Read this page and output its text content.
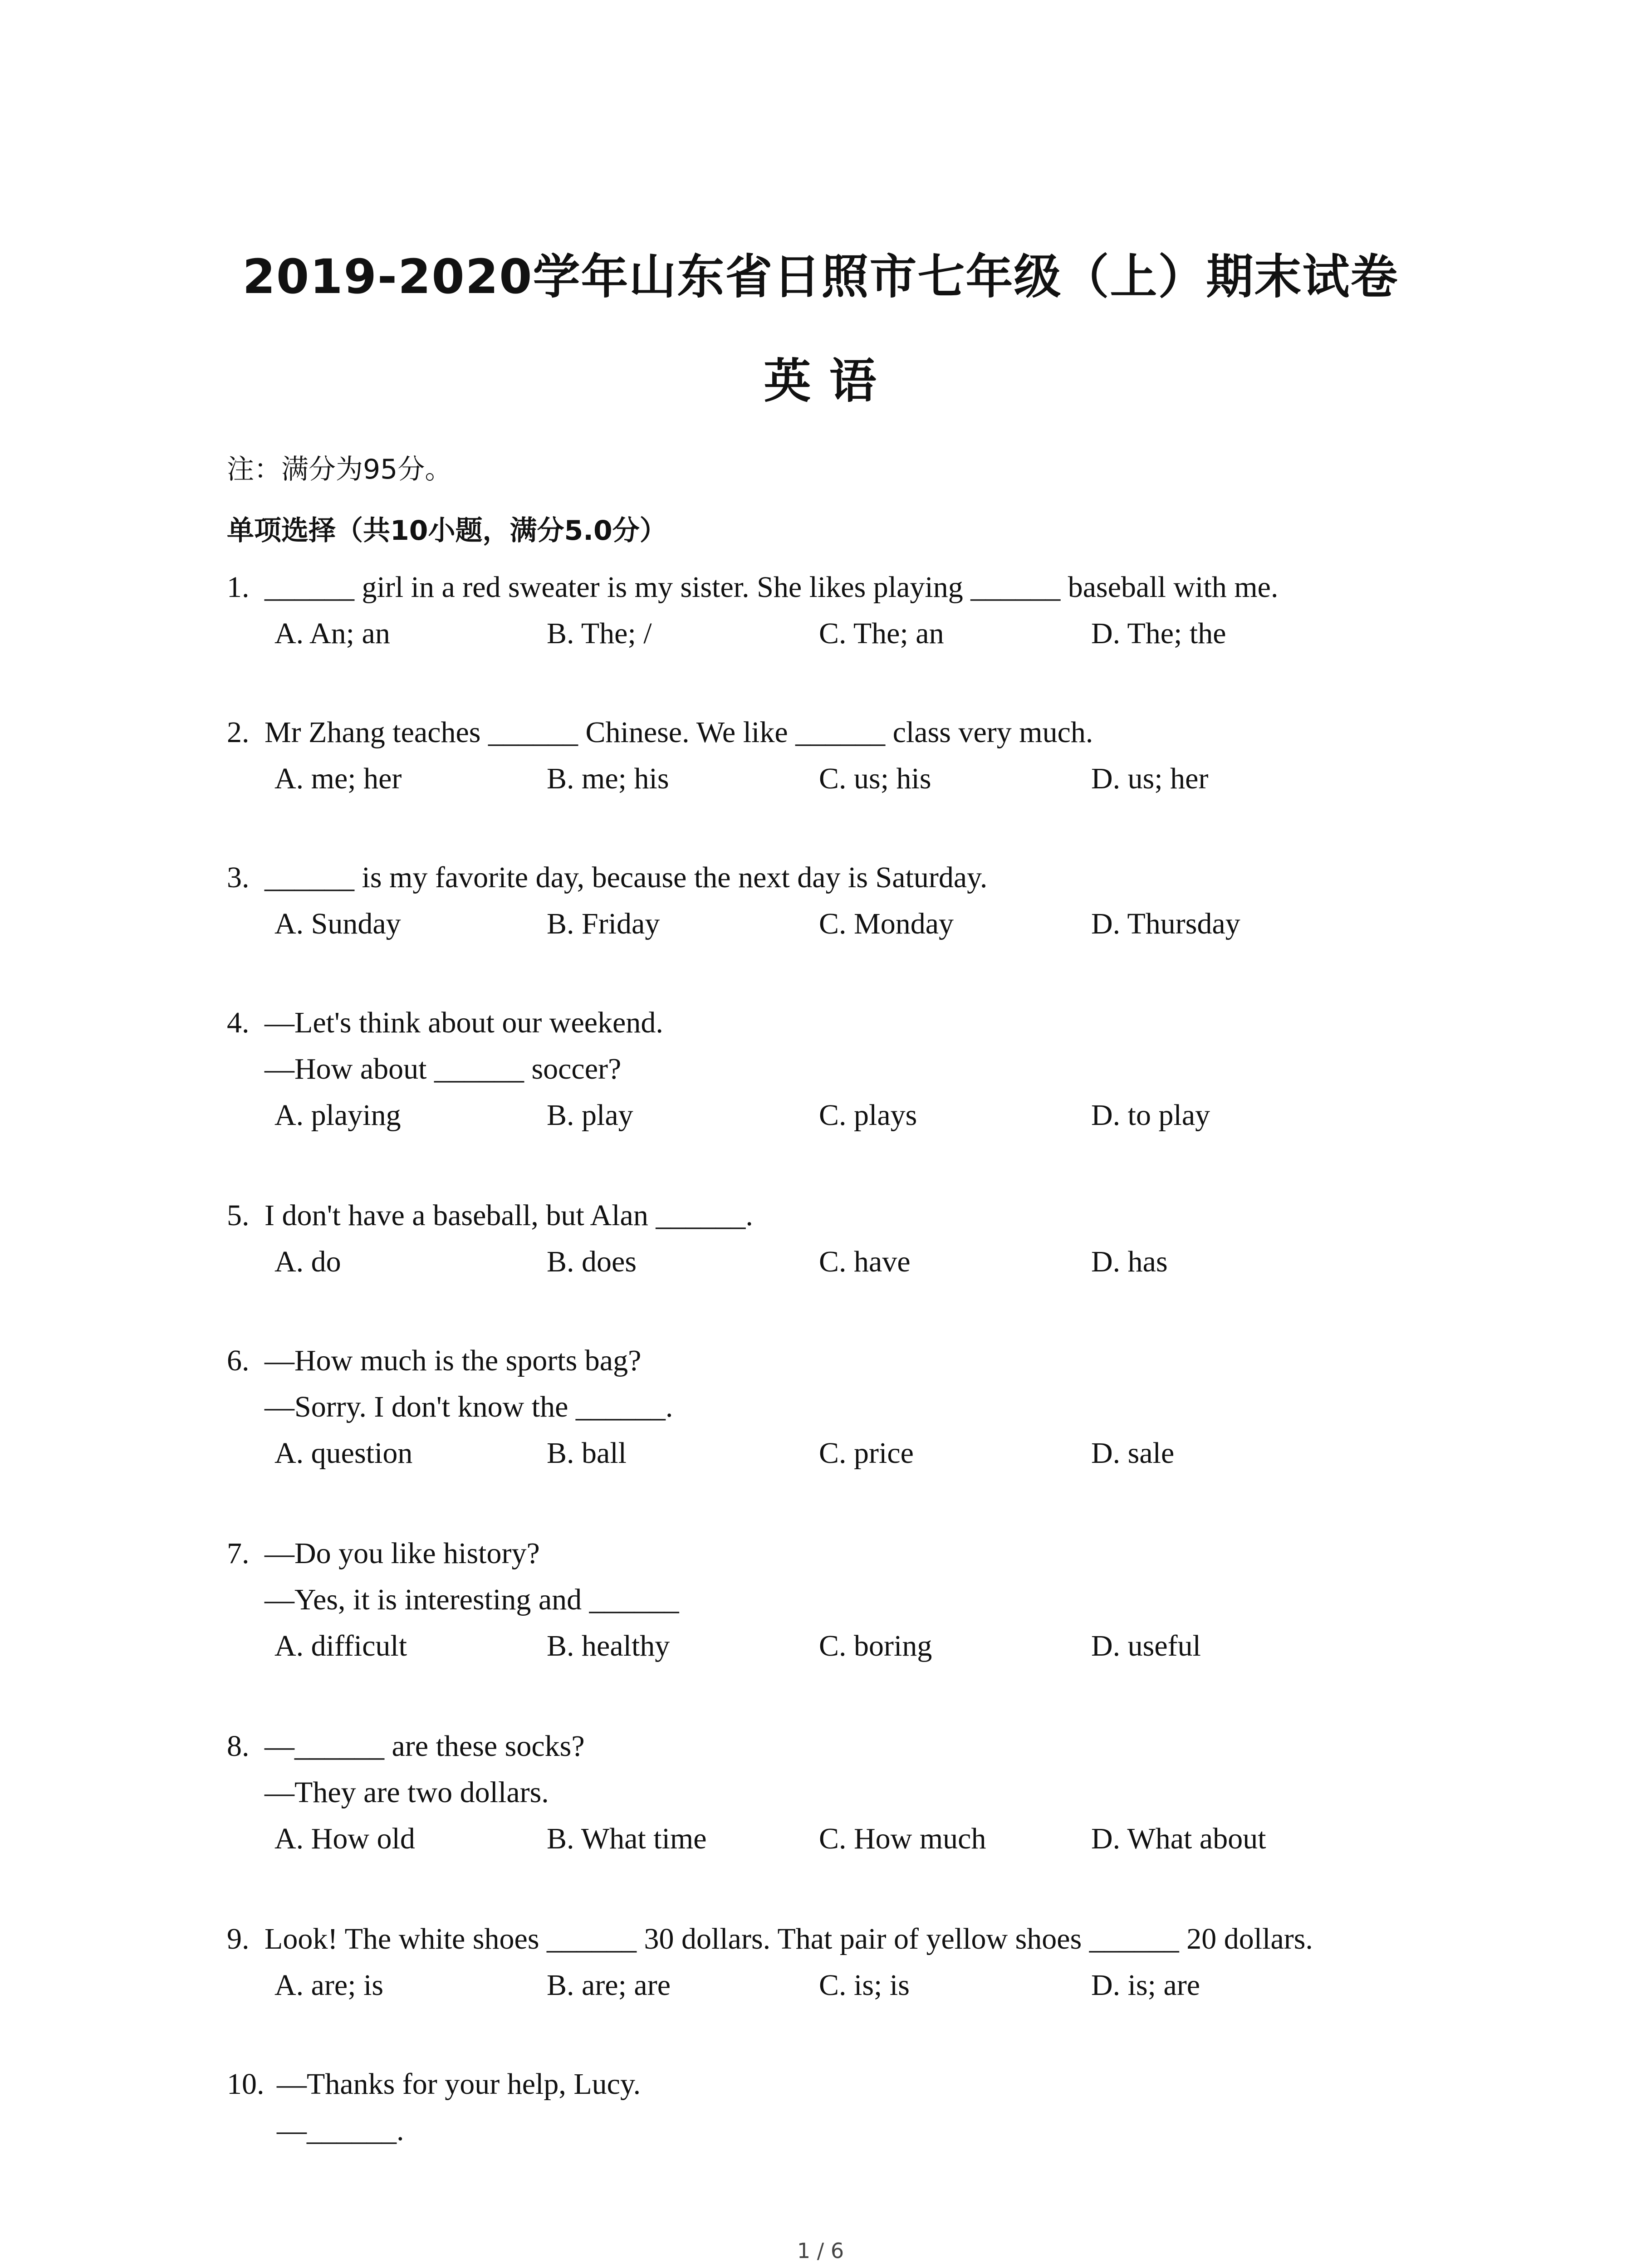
2019-2020学年山东省日照市七年级（上）期末试卷
英 语
注：满分为95分。
单项选择（共10小题，满分5.0分）
1. ______ girl in a red sweater is my sister. She likes playing ______ baseball with me.
A. An; an	B. The; /	C. The; an	D. The; the
2. Mr Zhang teaches ______ Chinese. We like ______ class very much.
A. me; her	B. me; his	C. us; his	D. us; her
3. ______ is my favorite day, because the next day is Saturday.
A. Sunday	B. Friday	C. Monday	D. Thursday
4. —Let's think about our weekend.
—How about ______ soccer?
A. playing	B. play	C. plays	D. to play
5. I don't have a baseball, but Alan ______.
A. do	B. does	C. have	D. has
6. —How much is the sports bag?
—Sorry. I don't know the ______.
A. question	B. ball	C. price	D. sale
7. —Do you like history?
—Yes, it is interesting and ______
A. difficult	B. healthy	C. boring	D. useful
8. —______ are these socks?
—They are two dollars.
A. How old	B. What time	C. How much	D. What about
9. Look! The white shoes ______ 30 dollars. That pair of yellow shoes ______ 20 dollars.
A. are; is	B. are; are	C. is; is	D. is; are
10. —Thanks for your help, Lucy.
—______.
1 / 6
